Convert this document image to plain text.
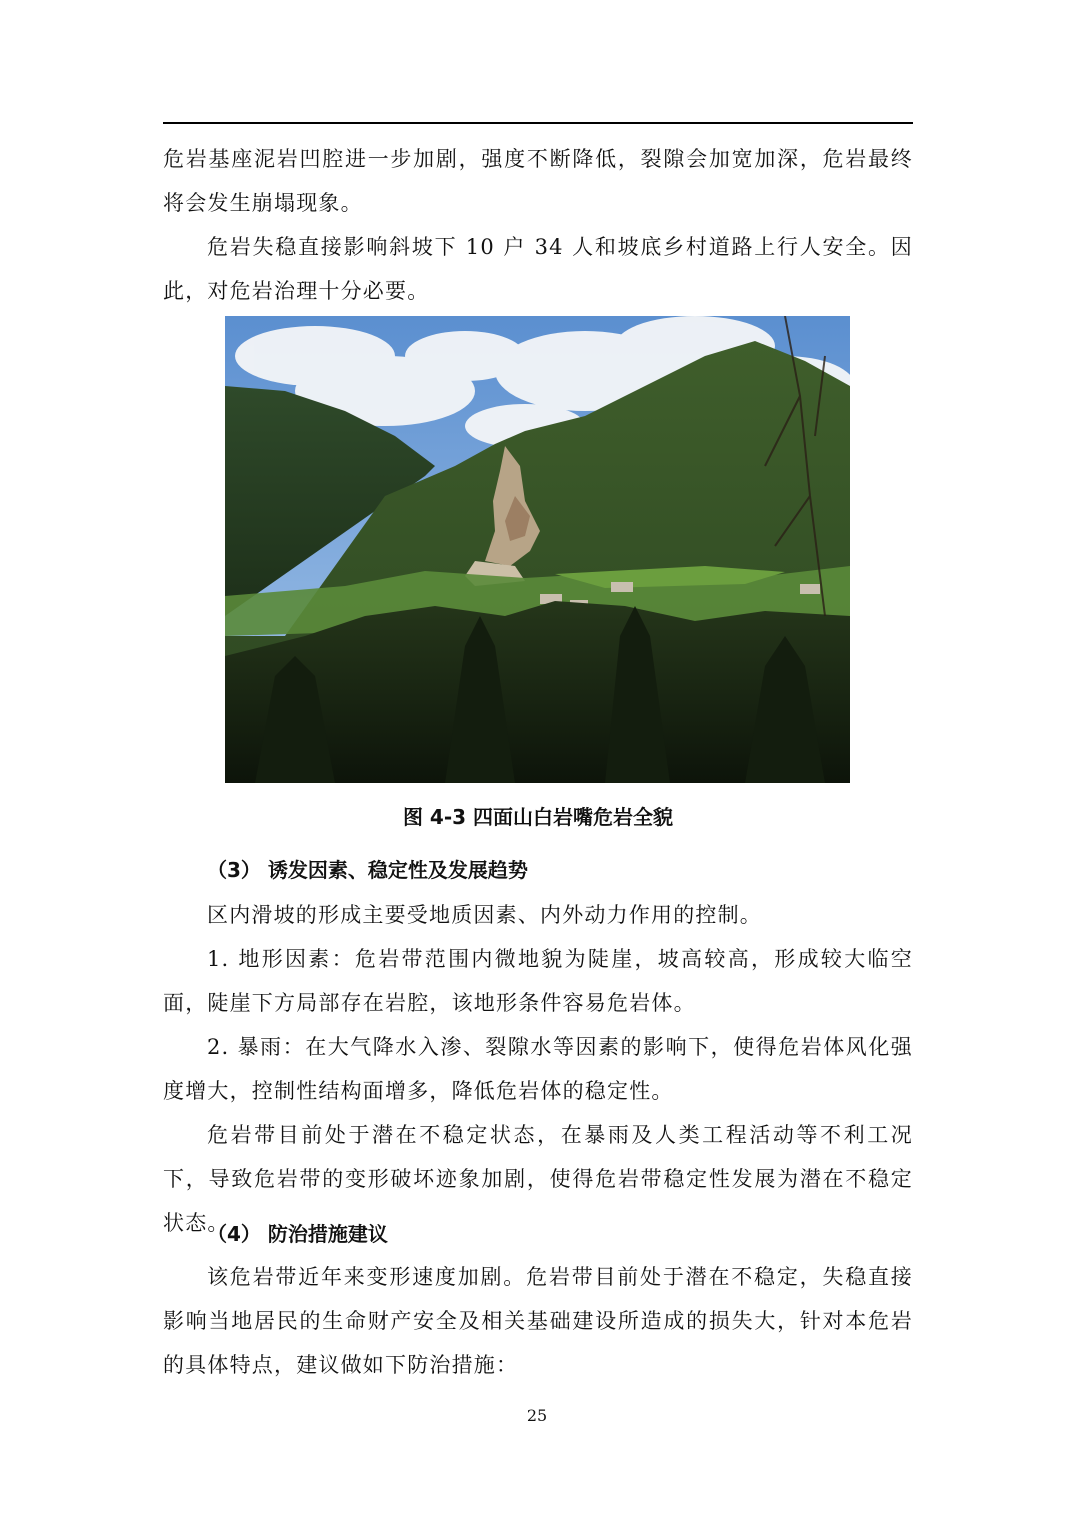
危岩基座泥岩凹腔进一步加剧，强度不断降低，裂隙会加宽加深，危岩最终将会发生崩塌现象。

危岩失稳直接影响斜坡下 10 户 34 人和坡底乡村道路上行人安全。因此，对危岩治理十分必要。

图 4-3 四面山白岩嘴危岩全貌
（3） 诱发因素、稳定性及发展趋势

区内滑坡的形成主要受地质因素、内外动力作用的控制。

1. 地形因素：危岩带范围内微地貌为陡崖，坡高较高，形成较大临空面，陡崖下方局部存在岩腔，该地形条件容易危岩体。

2. 暴雨：在大气降水入渗、裂隙水等因素的影响下，使得危岩体风化强度增大，控制性结构面增多，降低危岩体的稳定性。

危岩带目前处于潜在不稳定状态，在暴雨及人类工程活动等不利工况下，导致危岩带的变形破坏迹象加剧，使得危岩带稳定性发展为潜在不稳定状态。

（4） 防治措施建议

该危岩带近年来变形速度加剧。危岩带目前处于潜在不稳定，失稳直接影响当地居民的生命财产安全及相关基础建设所造成的损失大，针对本危岩的具体特点，建议做如下防治措施：

25
